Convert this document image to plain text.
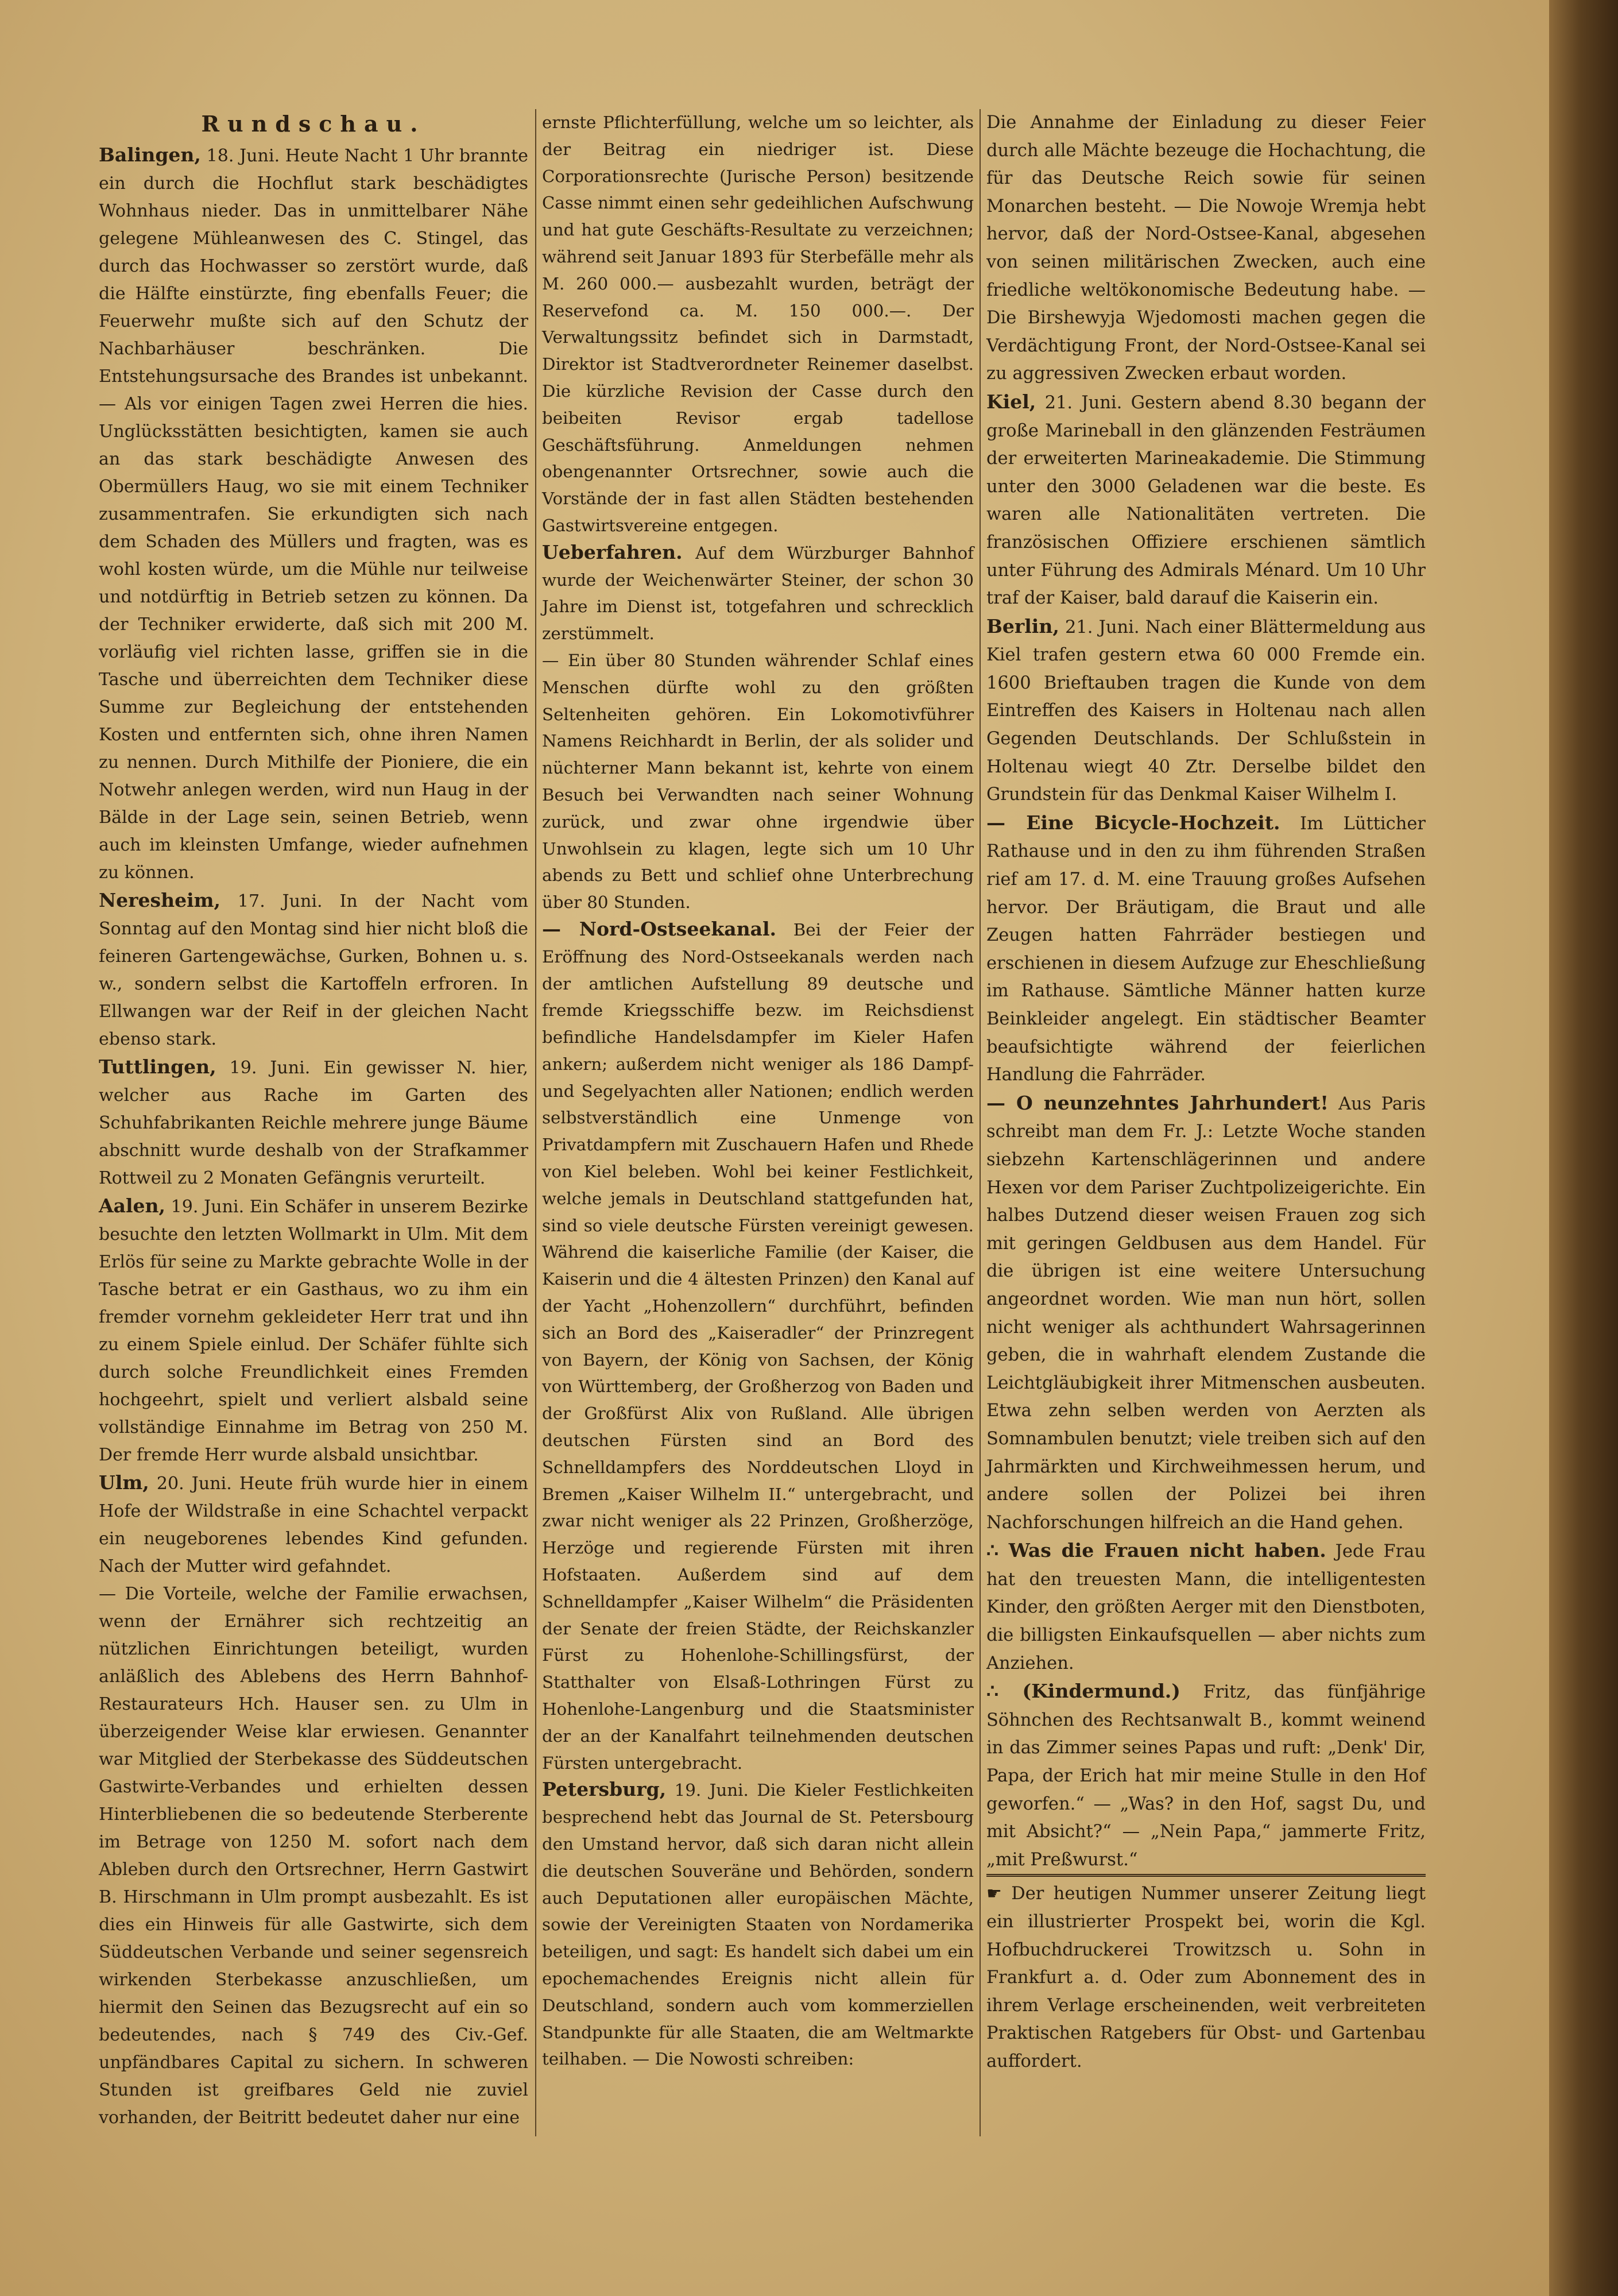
Rundschau.

Balingen, 18. Juni. Heute Nacht 1 Uhr brannte ein durch die Hochflut stark beschädigtes Wohnhaus nieder. Das in unmittelbarer Nähe gelegene Mühleanwesen des C. Stingel, das durch das Hochwasser so zerstört wurde, daß die Hälfte einstürzte, fing ebenfalls Feuer; die Feuerwehr mußte sich auf den Schutz der Nachbarhäuser beschränken. Die Entstehungsursache des Brandes ist unbekannt. — Als vor einigen Tagen zwei Herren die hies. Unglücksstätten besichtigten, kamen sie auch an das stark beschädigte Anwesen des Obermüllers Haug, wo sie mit einem Techniker zusammentrafen. Sie erkundigten sich nach dem Schaden des Müllers und fragten, was es wohl kosten würde, um die Mühle nur teilweise und notdürftig in Betrieb setzen zu können. Da der Techniker erwiderte, daß sich mit 200 M. vorläufig viel richten lasse, griffen sie in die Tasche und überreichten dem Techniker diese Summe zur Begleichung der entstehenden Kosten und entfernten sich, ohne ihren Namen zu nennen. Durch Mithilfe der Pioniere, die ein Notwehr anlegen werden, wird nun Haug in der Bälde in der Lage sein, seinen Betrieb, wenn auch im kleinsten Umfange, wieder aufnehmen zu können.

Neresheim, 17. Juni. In der Nacht vom Sonntag auf den Montag sind hier nicht bloß die feineren Gartengewächse, Gurken, Bohnen u. s. w., sondern selbst die Kartoffeln erfroren. In Ellwangen war der Reif in der gleichen Nacht ebenso stark.

Tuttlingen, 19. Juni. Ein gewisser N. hier, welcher aus Rache im Garten des Schuhfabrikanten Reichle mehrere junge Bäume abschnitt wurde deshalb von der Strafkammer Rottweil zu 2 Monaten Gefängnis verurteilt.

Aalen, 19. Juni. Ein Schäfer in unserem Bezirke besuchte den letzten Wollmarkt in Ulm. Mit dem Erlös für seine zu Markte gebrachte Wolle in der Tasche betrat er ein Gasthaus, wo zu ihm ein fremder vornehm gekleideter Herr trat und ihn zu einem Spiele einlud. Der Schäfer fühlte sich durch solche Freundlichkeit eines Fremden hochgeehrt, spielt und verliert alsbald seine vollständige Einnahme im Betrag von 250 M. Der fremde Herr wurde alsbald unsichtbar.

Ulm, 20. Juni. Heute früh wurde hier in einem Hofe der Wildstraße in eine Schachtel verpackt ein neugeborenes lebendes Kind gefunden. Nach der Mutter wird gefahndet.

— Die Vorteile, welche der Familie erwachsen, wenn der Ernährer sich rechtzeitig an nützlichen Einrichtungen beteiligt, wurden anläßlich des Ablebens des Herrn Bahnhof-Restaurateurs Hch. Hauser sen. zu Ulm in überzeigender Weise klar erwiesen. Genannter war Mitglied der Sterbekasse des Süddeutschen Gastwirte-Verbandes und erhielten dessen Hinterbliebenen die so bedeutende Sterberente im Betrage von 1250 M. sofort nach dem Ableben durch den Ortsrechner, Herrn Gastwirt B. Hirschmann in Ulm prompt ausbezahlt. Es ist dies ein Hinweis für alle Gastwirte, sich dem Süddeutschen Verbande und seiner segensreich wirkenden Sterbekasse anzuschließen, um hiermit den Seinen das Bezugsrecht auf ein so bedeutendes, nach § 749 des Civ.-Gef. unpfändbares Capital zu sichern. In schweren Stunden ist greifbares Geld nie zuviel vorhanden, der Beitritt bedeutet daher nur eine

ernste Pflichterfüllung, welche um so leichter, als der Beitrag ein niedriger ist. Diese Corporationsrechte (Jurische Person) besitzende Casse nimmt einen sehr gedeihlichen Aufschwung und hat gute Geschäfts-Resultate zu verzeichnen; während seit Januar 1893 für Sterbefälle mehr als M. 260 000.— ausbezahlt wurden, beträgt der Reservefond ca. M. 150 000.—. Der Verwaltungssitz befindet sich in Darmstadt, Direktor ist Stadtverordneter Reinemer daselbst. Die kürzliche Revision der Casse durch den beibeiten Revisor ergab tadellose Geschäftsführung. Anmeldungen nehmen obengenannter Ortsrechner, sowie auch die Vorstände der in fast allen Städten bestehenden Gastwirtsvereine entgegen.

Ueberfahren. Auf dem Würzburger Bahnhof wurde der Weichenwärter Steiner, der schon 30 Jahre im Dienst ist, totgefahren und schrecklich zerstümmelt.

— Ein über 80 Stunden währender Schlaf eines Menschen dürfte wohl zu den größten Seltenheiten gehören. Ein Lokomotivführer Namens Reichhardt in Berlin, der als solider und nüchterner Mann bekannt ist, kehrte von einem Besuch bei Verwandten nach seiner Wohnung zurück, und zwar ohne irgendwie über Unwohlsein zu klagen, legte sich um 10 Uhr abends zu Bett und schlief ohne Unterbrechung über 80 Stunden.

— Nord-Ostseekanal. Bei der Feier der Eröffnung des Nord-Ostseekanals werden nach der amtlichen Aufstellung 89 deutsche und fremde Kriegsschiffe bezw. im Reichsdienst befindliche Handelsdampfer im Kieler Hafen ankern; außerdem nicht weniger als 186 Dampf- und Segelyachten aller Nationen; endlich werden selbstverständlich eine Unmenge von Privatdampfern mit Zuschauern Hafen und Rhede von Kiel beleben. Wohl bei keiner Festlichkeit, welche jemals in Deutschland stattgefunden hat, sind so viele deutsche Fürsten vereinigt gewesen. Während die kaiserliche Familie (der Kaiser, die Kaiserin und die 4 ältesten Prinzen) den Kanal auf der Yacht „Hohenzollern“ durchführt, befinden sich an Bord des „Kaiseradler“ der Prinzregent von Bayern, der König von Sachsen, der König von Württemberg, der Großherzog von Baden und der Großfürst Alix von Rußland. Alle übrigen deutschen Fürsten sind an Bord des Schnelldampfers des Norddeutschen Lloyd in Bremen „Kaiser Wilhelm II.“ untergebracht, und zwar nicht weniger als 22 Prinzen, Großherzöge, Herzöge und regierende Fürsten mit ihren Hofstaaten. Außerdem sind auf dem Schnelldampfer „Kaiser Wilhelm“ die Präsidenten der Senate der freien Städte, der Reichskanzler Fürst zu Hohenlohe-Schillingsfürst, der Statthalter von Elsaß-Lothringen Fürst zu Hohenlohe-Langenburg und die Staatsminister der an der Kanalfahrt teilnehmenden deutschen Fürsten untergebracht.

Petersburg, 19. Juni. Die Kieler Festlichkeiten besprechend hebt das Journal de St. Petersbourg den Umstand hervor, daß sich daran nicht allein die deutschen Souveräne und Behörden, sondern auch Deputationen aller europäischen Mächte, sowie der Vereinigten Staaten von Nordamerika beteiligen, und sagt: Es handelt sich dabei um ein epochemachendes Ereignis nicht allein für Deutschland, sondern auch vom kommerziellen Standpunkte für alle Staaten, die am Weltmarkte teilhaben. — Die Nowosti schreiben:

Die Annahme der Einladung zu dieser Feier durch alle Mächte bezeuge die Hochachtung, die für das Deutsche Reich sowie für seinen Monarchen besteht. — Die Nowoje Wremja hebt hervor, daß der Nord-Ostsee-Kanal, abgesehen von seinen militärischen Zwecken, auch eine friedliche weltökonomische Bedeutung habe. — Die Birshewyja Wjedomosti machen gegen die Verdächtigung Front, der Nord-Ostsee-Kanal sei zu aggressiven Zwecken erbaut worden.

Kiel, 21. Juni. Gestern abend 8.30 begann der große Marineball in den glänzenden Festräumen der erweiterten Marineakademie. Die Stimmung unter den 3000 Geladenen war die beste. Es waren alle Nationalitäten vertreten. Die französischen Offiziere erschienen sämtlich unter Führung des Admirals Ménard. Um 10 Uhr traf der Kaiser, bald darauf die Kaiserin ein.

Berlin, 21. Juni. Nach einer Blättermeldung aus Kiel trafen gestern etwa 60 000 Fremde ein. 1600 Brieftauben tragen die Kunde von dem Eintreffen des Kaisers in Holtenau nach allen Gegenden Deutschlands. Der Schlußstein in Holtenau wiegt 40 Ztr. Derselbe bildet den Grundstein für das Denkmal Kaiser Wilhelm I.

— Eine Bicycle-Hochzeit. Im Lütticher Rathause und in den zu ihm führenden Straßen rief am 17. d. M. eine Trauung großes Aufsehen hervor. Der Bräutigam, die Braut und alle Zeugen hatten Fahrräder bestiegen und erschienen in diesem Aufzuge zur Eheschließung im Rathause. Sämtliche Männer hatten kurze Beinkleider angelegt. Ein städtischer Beamter beaufsichtigte während der feierlichen Handlung die Fahrräder.

— O neunzehntes Jahrhundert! Aus Paris schreibt man dem Fr. J.: Letzte Woche standen siebzehn Kartenschlägerinnen und andere Hexen vor dem Pariser Zuchtpolizeigerichte. Ein halbes Dutzend dieser weisen Frauen zog sich mit geringen Geldbusen aus dem Handel. Für die übrigen ist eine weitere Untersuchung angeordnet worden. Wie man nun hört, sollen nicht weniger als achthundert Wahrsagerinnen geben, die in wahrhaft elendem Zustande die Leichtgläubigkeit ihrer Mitmenschen ausbeuten. Etwa zehn selben werden von Aerzten als Somnambulen benutzt; viele treiben sich auf den Jahrmärkten und Kirchweihmessen herum, und andere sollen der Polizei bei ihren Nachforschungen hilfreich an die Hand gehen.

∴ Was die Frauen nicht haben. Jede Frau hat den treuesten Mann, die intelligentesten Kinder, den größten Aerger mit den Dienstboten, die billigsten Einkaufsquellen — aber nichts zum Anziehen.

∴ (Kindermund.) Fritz, das fünfjährige Söhnchen des Rechtsanwalt B., kommt weinend in das Zimmer seines Papas und ruft: „Denk' Dir, Papa, der Erich hat mir meine Stulle in den Hof geworfen.“ — „Was? in den Hof, sagst Du, und mit Absicht?“ — „Nein Papa,“ jammerte Fritz, „mit Preßwurst.“

☛ Der heutigen Nummer unserer Zeitung liegt ein illustrierter Prospekt bei, worin die Kgl. Hofbuchdruckerei Trowitzsch u. Sohn in Frankfurt a. d. Oder zum Abonnement des in ihrem Verlage erscheinenden, weit verbreiteten Praktischen Ratgebers für Obst- und Gartenbau auffordert.
